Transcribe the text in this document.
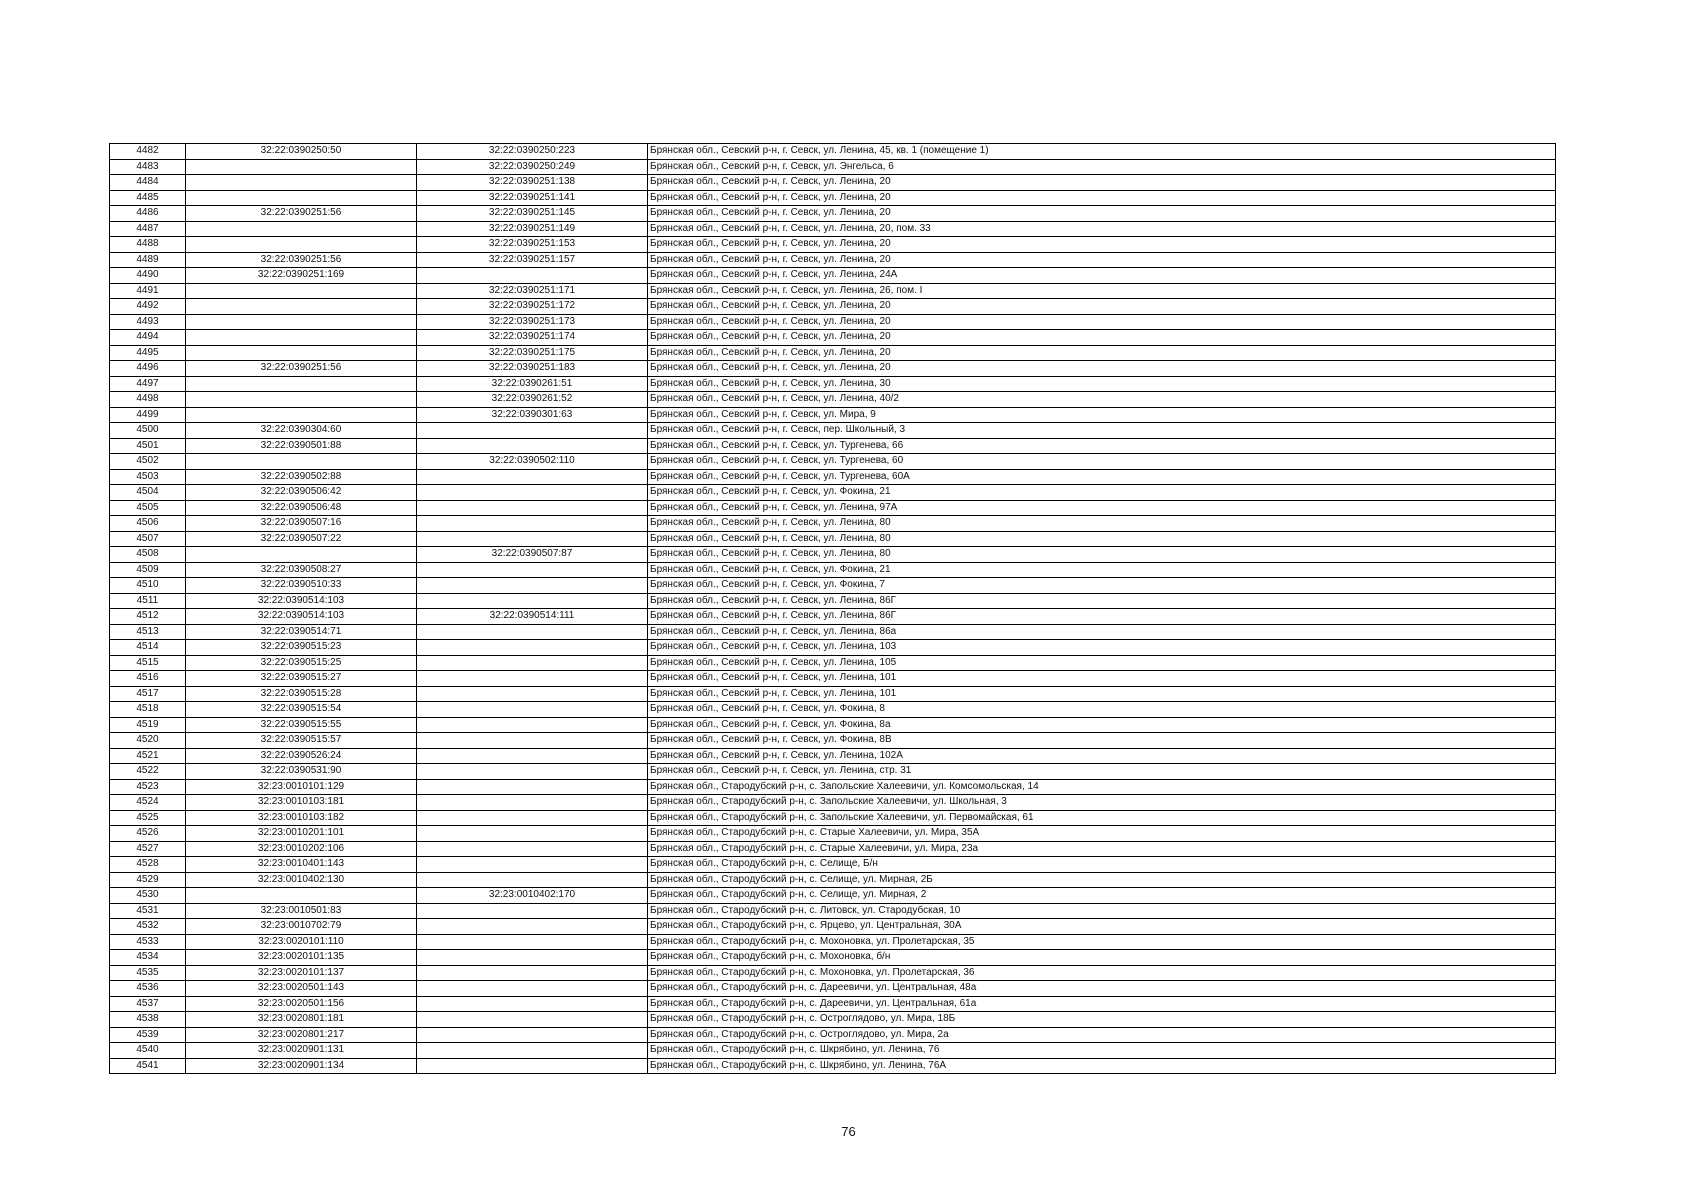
4482	32:22:0390250:50	32:22:0390250:223	Брянская обл., Севский р-н, г. Севск, ул. Ленина, 45, кв. 1 (помещение 1)
4483		32:22:0390250:249	Брянская обл., Севский р-н, г. Севск, ул. Энгельса, 6
4484		32:22:0390251:138	Брянская обл., Севский р-н, г. Севск, ул. Ленина, 20
4485		32:22:0390251:141	Брянская обл., Севский р-н, г. Севск, ул. Ленина, 20
4486	32:22:0390251:56	32:22:0390251:145	Брянская обл., Севский р-н, г. Севск, ул. Ленина, 20
4487		32:22:0390251:149	Брянская обл., Севский р-н, г. Севск, ул. Ленина, 20, пом. 33
4488		32:22:0390251:153	Брянская обл., Севский р-н, г. Севск, ул. Ленина, 20
4489	32:22:0390251:56	32:22:0390251:157	Брянская обл., Севский р-н, г. Севск, ул. Ленина, 20
4490	32:22:0390251:169		Брянская обл., Севский р-н, г. Севск, ул. Ленина, 24А
4491		32:22:0390251:171	Брянская обл., Севский р-н, г. Севск, ул. Ленина, 26, пом. I
4492		32:22:0390251:172	Брянская обл., Севский р-н, г. Севск, ул. Ленина, 20
4493		32:22:0390251:173	Брянская обл., Севский р-н, г. Севск, ул. Ленина, 20
4494		32:22:0390251:174	Брянская обл., Севский р-н, г. Севск, ул. Ленина, 20
4495		32:22:0390251:175	Брянская обл., Севский р-н, г. Севск, ул. Ленина, 20
4496	32:22:0390251:56	32:22:0390251:183	Брянская обл., Севский р-н, г. Севск, ул. Ленина, 20
4497		32:22:0390261:51	Брянская обл., Севский р-н, г. Севск, ул. Ленина, 30
4498		32:22:0390261:52	Брянская обл., Севский р-н, г. Севск, ул. Ленина, 40/2
4499		32:22:0390301:63	Брянская обл., Севский р-н, г. Севск, ул. Мира, 9
4500	32:22:0390304:60		Брянская обл., Севский р-н, г. Севск, пер. Школьный, 3
4501	32:22:0390501:88		Брянская обл., Севский р-н, г. Севск, ул. Тургенева, 66
4502		32:22:0390502:110	Брянская обл., Севский р-н, г. Севск, ул. Тургенева, 60
4503	32:22:0390502:88		Брянская обл., Севский р-н, г. Севск, ул. Тургенева, 60А
4504	32:22:0390506:42		Брянская обл., Севский р-н, г. Севск, ул. Фокина, 21
4505	32:22:0390506:48		Брянская обл., Севский р-н, г. Севск, ул. Ленина, 97А
4506	32:22:0390507:16		Брянская обл., Севский р-н, г. Севск, ул. Ленина, 80
4507	32:22:0390507:22		Брянская обл., Севский р-н, г. Севск, ул. Ленина, 80
4508		32:22:0390507:87	Брянская обл., Севский р-н, г. Севск, ул. Ленина, 80
4509	32:22:0390508:27		Брянская обл., Севский р-н, г. Севск, ул. Фокина, 21
4510	32:22:0390510:33		Брянская обл., Севский р-н, г. Севск, ул. Фокина, 7
4511	32:22:0390514:103		Брянская обл., Севский р-н, г. Севск, ул. Ленина, 86Г
4512	32:22:0390514:103	32:22:0390514:111	Брянская обл., Севский р-н, г. Севск, ул. Ленина, 86Г
4513	32:22:0390514:71		Брянская обл., Севский р-н, г. Севск, ул. Ленина, 86а
4514	32:22:0390515:23		Брянская обл., Севский р-н, г. Севск, ул. Ленина, 103
4515	32:22:0390515:25		Брянская обл., Севский р-н, г. Севск, ул. Ленина, 105
4516	32:22:0390515:27		Брянская обл., Севский р-н, г. Севск, ул. Ленина, 101
4517	32:22:0390515:28		Брянская обл., Севский р-н, г. Севск, ул. Ленина, 101
4518	32:22:0390515:54		Брянская обл., Севский р-н, г. Севск, ул. Фокина, 8
4519	32:22:0390515:55		Брянская обл., Севский р-н, г. Севск, ул. Фокина, 8а
4520	32:22:0390515:57		Брянская обл., Севский р-н, г. Севск, ул. Фокина, 8В
4521	32:22:0390526:24		Брянская обл., Севский р-н, г. Севск, ул. Ленина, 102А
4522	32:22:0390531:90		Брянская обл., Севский р-н, г. Севск, ул. Ленина, стр. 31
4523	32:23:0010101:129		Брянская обл., Стародубский р-н, с. Запольские Халеевичи, ул. Комсомольская, 14
4524	32:23:0010103:181		Брянская обл., Стародубский р-н, с. Запольские Халеевичи, ул. Школьная, 3
4525	32:23:0010103:182		Брянская обл., Стародубский р-н, с. Запольские Халеевичи, ул. Первомайская, 61
4526	32:23:0010201:101		Брянская обл., Стародубский р-н, с. Старые Халеевичи, ул. Мира, 35А
4527	32:23:0010202:106		Брянская обл., Стародубский р-н, с. Старые Халеевичи, ул. Мира, 23а
4528	32:23:0010401:143		Брянская обл., Стародубский р-н, с. Селище, Б/н
4529	32:23:0010402:130		Брянская обл., Стародубский р-н, с. Селище, ул. Мирная, 2Б
4530		32:23:0010402:170	Брянская обл., Стародубский р-н, с. Селище, ул. Мирная, 2
4531	32:23:0010501:83		Брянская обл., Стародубский р-н, с. Литовск, ул. Стародубская, 10
4532	32:23:0010702:79		Брянская обл., Стародубский р-н, с. Ярцево, ул. Центральная, 30А
4533	32:23:0020101:110		Брянская обл., Стародубский р-н, с. Мохоновка, ул. Пролетарская, 35
4534	32:23:0020101:135		Брянская обл., Стародубский р-н, с. Мохоновка, б/н
4535	32:23:0020101:137		Брянская обл., Стародубский р-н, с. Мохоновка, ул. Пролетарская, 36
4536	32:23:0020501:143		Брянская обл., Стародубский р-н, с. Дареевичи, ул. Центральная, 48а
4537	32:23:0020501:156		Брянская обл., Стародубский р-н, с. Дареевичи, ул. Центральная, 61а
4538	32:23:0020801:181		Брянская обл., Стародубский р-н, с. Остроглядово, ул. Мира, 18Б
4539	32:23:0020801:217		Брянская обл., Стародубский р-н, с. Остроглядово, ул. Мира, 2а
4540	32:23:0020901:131		Брянская обл., Стародубский р-н, с. Шкрябино, ул. Ленина, 76
4541	32:23:0020901:134		Брянская обл., Стародубский р-н, с. Шкрябино, ул. Ленина, 76А
76
